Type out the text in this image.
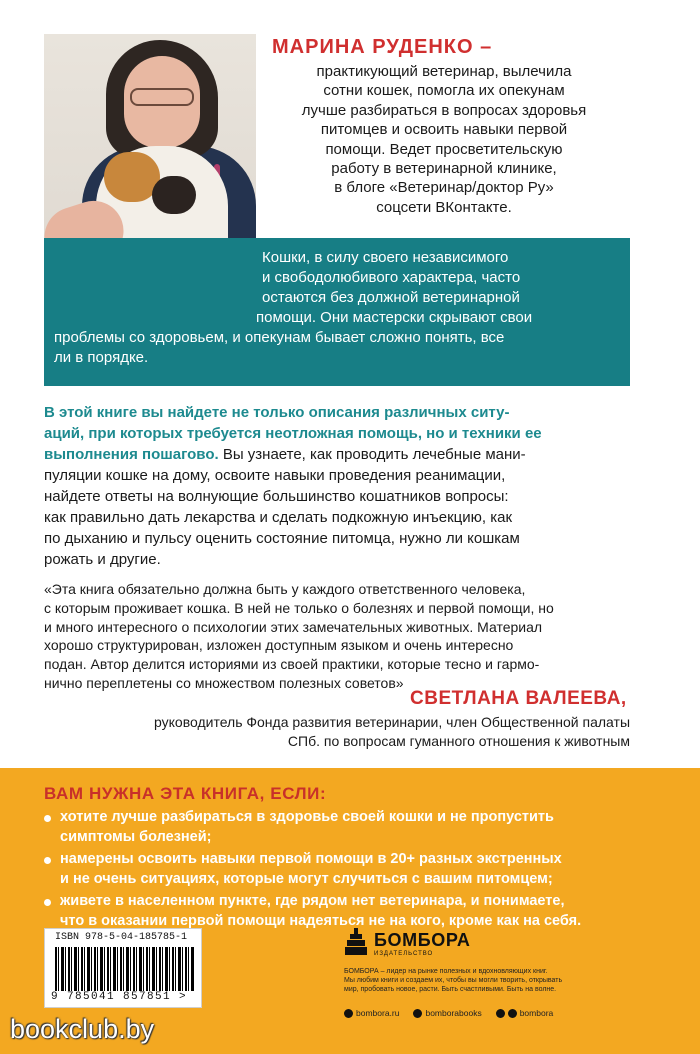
МАРИНА РУДЕНКО –
практикующий ветеринар, вылечила
сотни кошек, помогла их опекунам
лучше разбираться в вопросах здоровья
питомцев и освоить навыки первой
помощи. Ведет просветительскую
работу в ветеринарной клинике,
в блоге «Ветеринар/доктор Ру»
соцсети ВКонтакте.
Кошки, в силу своего независимого
и свободолюбивого характера, часто
остаются без должной ветеринарной
помощи. Они мастерски скрывают свои
проблемы со здоровьем, и опекунам бывает сложно понять, все
ли в порядке.
В этой книге вы найдете не только описания различных ситу-
аций, при которых требуется неотложная помощь, но и техники ее
выполнения пошагово. Вы узнаете, как проводить лечебные мани-
пуляции кошке на дому, освоите навыки проведения реанимации,
найдете ответы на волнующие большинство кошатников вопросы:
как правильно дать лекарства и сделать подкожную инъекцию, как
по дыханию и пульсу оценить состояние питомца, нужно ли кошкам
рожать и другие.
«Эта книга обязательно должна быть у каждого ответственного человека,
с которым проживает кошка. В ней не только о болезнях и первой помощи, но
и много интересного о психологии этих замечательных животных. Материал
хорошо структурирован, изложен доступным языком и очень интересно
подан. Автор делится историями из своей практики, которые тесно и гармо-
нично переплетены со множеством полезных советов»
СВЕТЛАНА ВАЛЕЕВА,
руководитель Фонда развития ветеринарии, член Общественной палаты
СПб. по вопросам гуманного отношения к животным
ВАМ НУЖНА ЭТА КНИГА, ЕСЛИ:
хотите лучше разбираться в здоровье своей кошки и не пропустить
симптомы болезней;
намерены освоить навыки первой помощи в 20+ разных экстренных
и не очень ситуациях, которые могут случиться с вашим питомцем;
живете в населенном пункте, где рядом нет ветеринара, и понимаете,
что в оказании первой помощи надеяться не на кого, кроме как на себя.
ISBN 978-5-04-185785-1
9 785041 857851 >
БОМБОРА
ИЗДАТЕЛЬСТВО
БОМБОРА – лидер на рынке полезных и вдохновляющих книг.
Мы любим книги и создаем их, чтобы вы могли творить, открывать
мир, пробовать новое, расти. Быть счастливыми. Быть на волне.
bombora.ru	bomborabooks	bombora
bookclub.by
